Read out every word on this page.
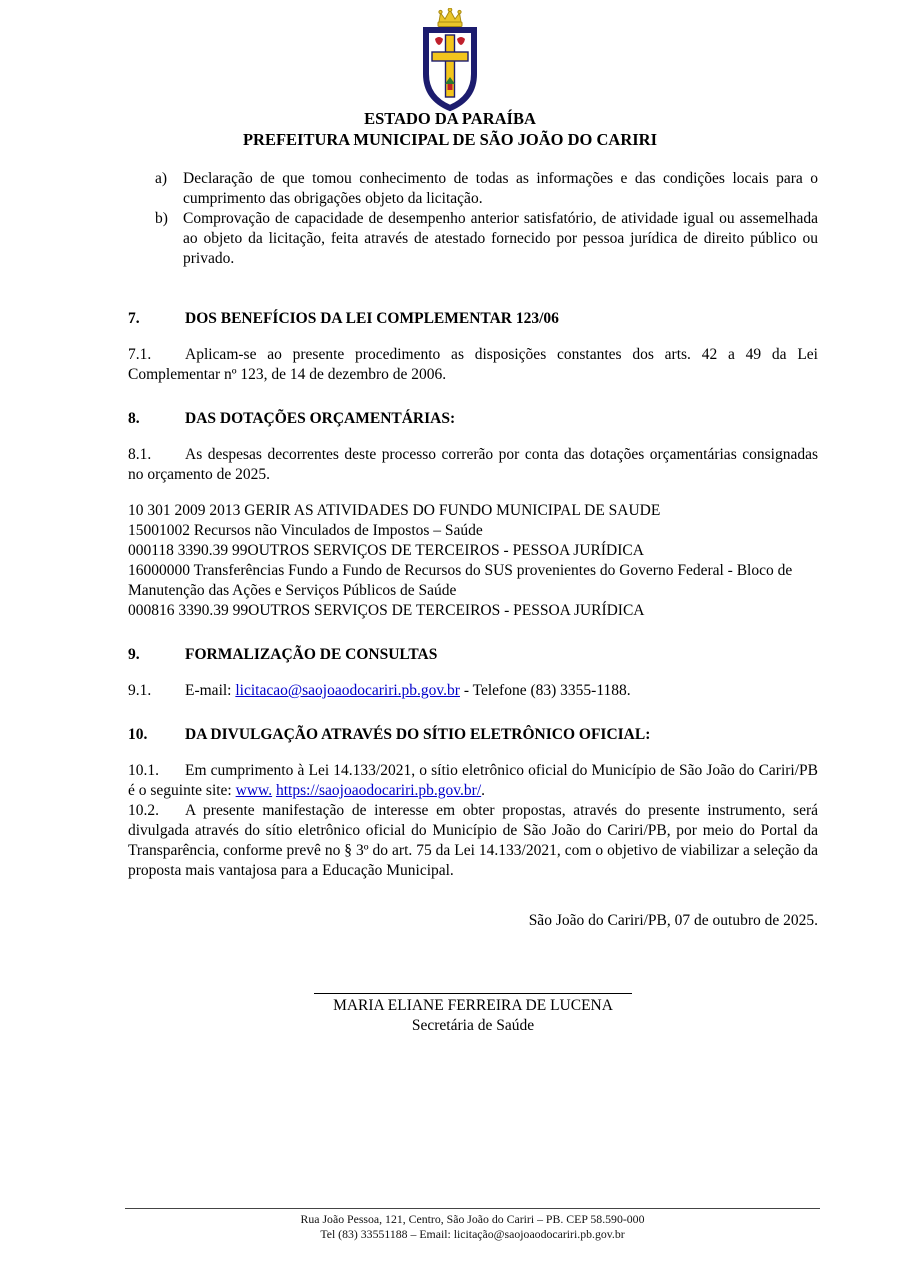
ESTADO DA PARAÍBA
PREFEITURA MUNICIPAL DE SÃO JOÃO DO CARIRI
a)	Declaração de que tomou conhecimento de todas as informações e das condições locais para o cumprimento das obrigações objeto da licitação.
b) Comprovação de capacidade de desempenho anterior satisfatório, de atividade igual ou assemelhada ao objeto da licitação, feita através de atestado fornecido por pessoa jurídica de direito público ou privado.
7.	DOS BENEFÍCIOS DA LEI COMPLEMENTAR 123/06
7.1. Aplicam-se ao presente procedimento as disposições constantes dos arts. 42 a 49 da Lei Complementar nº 123, de 14 de dezembro de 2006.
8.	DAS DOTAÇÕES ORÇAMENTÁRIAS:
8.1. As despesas decorrentes deste processo correrão por conta das dotações orçamentárias consignadas no orçamento de 2025.
10 301 2009 2013 GERIR AS ATIVIDADES DO FUNDO MUNICIPAL DE SAUDE
15001002 Recursos não Vinculados de Impostos – Saúde
000118 3390.39 99OUTROS SERVIÇOS DE TERCEIROS - PESSOA JURÍDICA
16000000 Transferências Fundo a Fundo de Recursos do SUS provenientes do Governo Federal - Bloco de Manutenção das Ações e Serviços Públicos de Saúde
000816 3390.39 99OUTROS SERVIÇOS DE TERCEIROS - PESSOA JURÍDICA
9.	FORMALIZAÇÃO DE CONSULTAS
9.1. E-mail: licitacao@saojoaodocariri.pb.gov.br - Telefone (83) 3355-1188.
10. DA DIVULGAÇÃO ATRAVÉS DO SÍTIO ELETRÔNICO OFICIAL:
10.1. Em cumprimento à Lei 14.133/2021, o sítio eletrônico oficial do Município de São João do Cariri/PB é o seguinte site: www. https://saojoaodocariri.pb.gov.br/.
10.2. A presente manifestação de interesse em obter propostas, através do presente instrumento, será divulgada através do sítio eletrônico oficial do Município de São João do Cariri/PB, por meio do Portal da Transparência, conforme prevê no § 3º do art. 75 da Lei 14.133/2021, com o objetivo de viabilizar a seleção da proposta mais vantajosa para a Educação Municipal.
São João do Cariri/PB, 07 de outubro de 2025.
MARIA ELIANE FERREIRA DE LUCENA
Secretária de Saúde
Rua João Pessoa, 121, Centro, São João do Cariri – PB. CEP 58.590-000
Tel (83) 33551188 – Email: licitação@saojoaodocariri.pb.gov.br
